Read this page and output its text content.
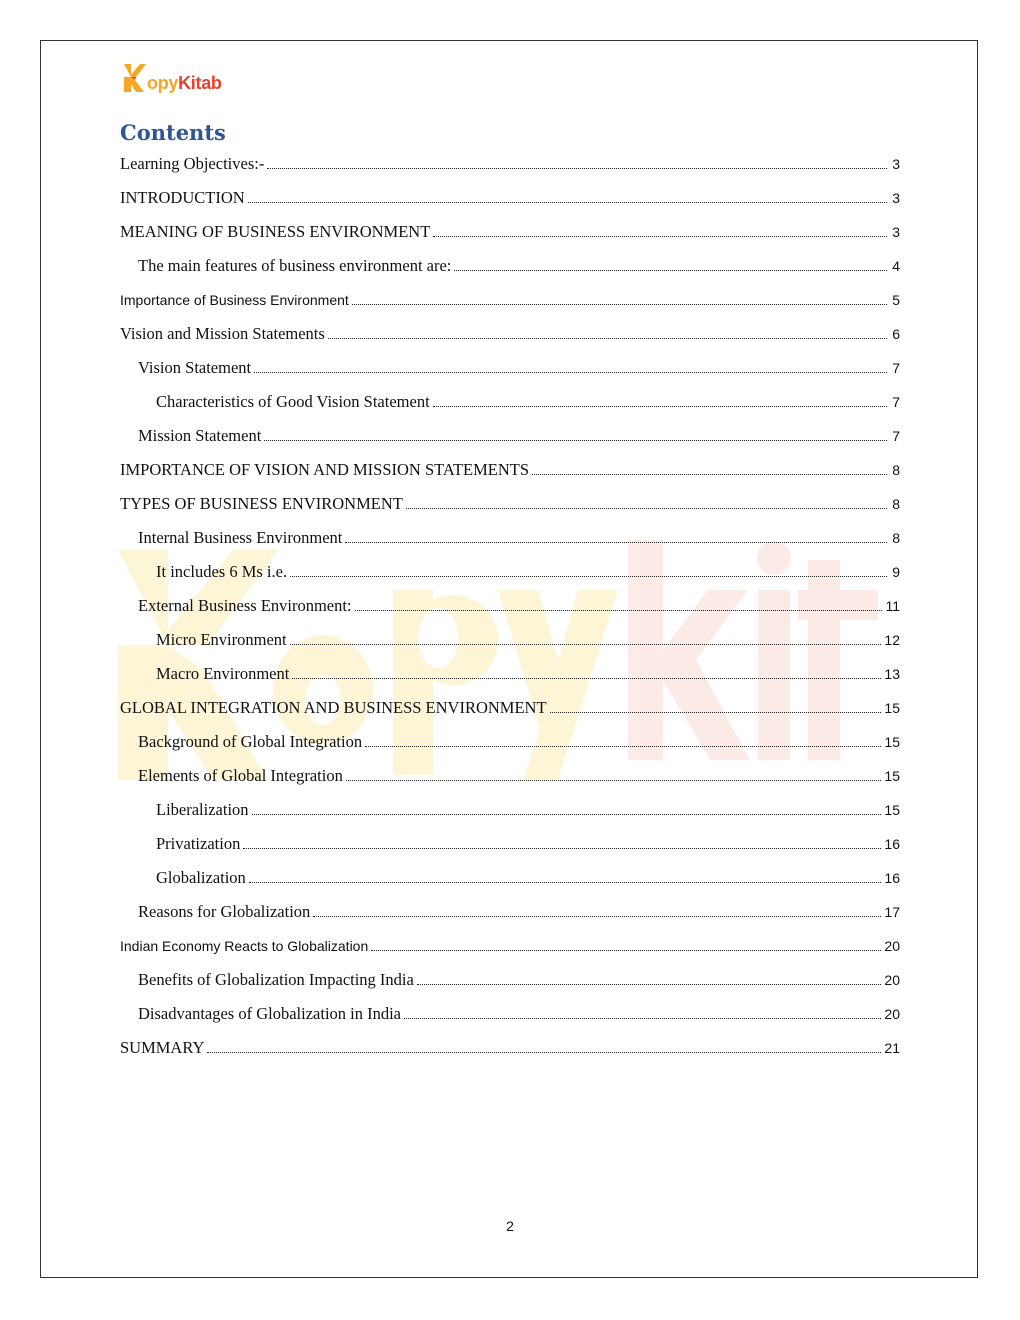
opyKitab
Contents
Learning Objectives:-	3
INTRODUCTION	3
MEANING OF BUSINESS ENVIRONMENT	3
The main features of business environment are:	4
Importance of Business Environment	5
Vision and Mission Statements	6
Vision Statement	7
Characteristics of Good Vision Statement	7
Mission Statement	7
IMPORTANCE OF VISION AND MISSION STATEMENTS	8
TYPES OF BUSINESS ENVIRONMENT	8
Internal Business Environment	8
It includes 6 Ms i.e.	9
External Business Environment:	11
Micro Environment	12
Macro Environment	13
GLOBAL INTEGRATION AND BUSINESS ENVIRONMENT	15
Background of Global Integration	15
Elements of Global Integration	15
Liberalization	15
Privatization	16
Globalization	16
Reasons for Globalization	17
Indian Economy Reacts to Globalization	20
Benefits of Globalization Impacting India	20
Disadvantages of Globalization in India	20
SUMMARY	21
2
